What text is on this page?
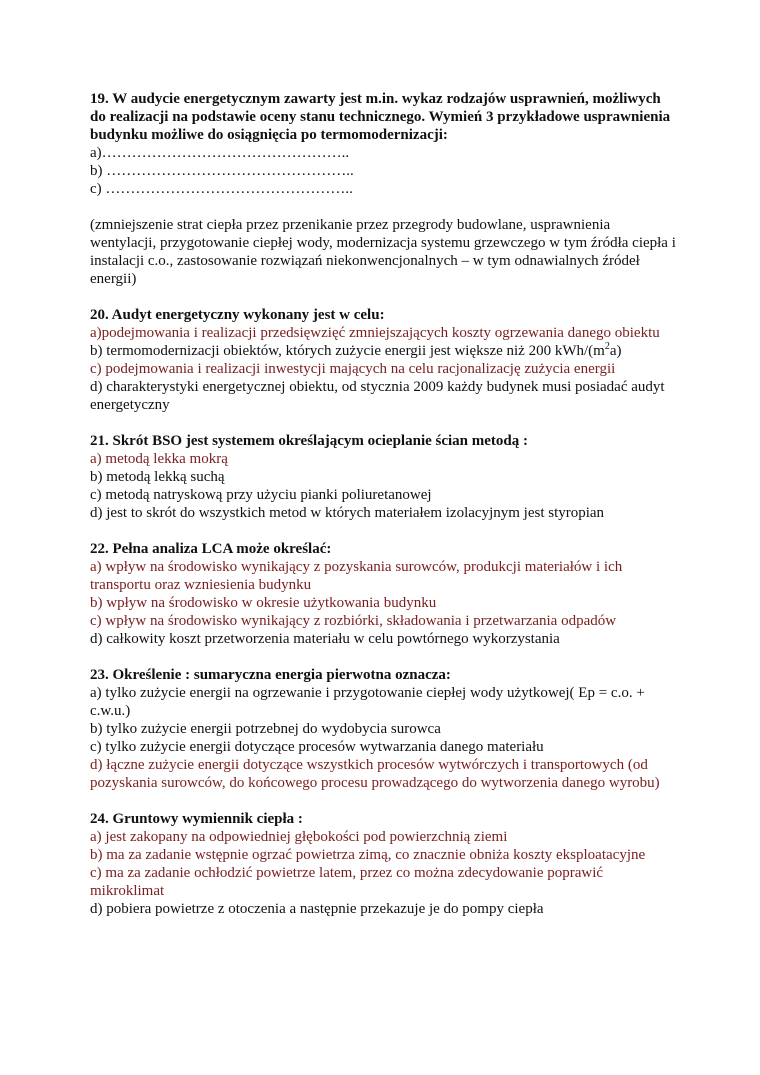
19. W audycie energetycznym zawarty jest m.in. wykaz rodzajów usprawnień, możliwych do realizacji na podstawie oceny stanu technicznego. Wymień 3 przykładowe usprawnienia budynku możliwe do osiągnięcia po termomodernizacji:
a)…………………………………………..
b) …………………………………………..
c) …………………………………………..
(zmniejszenie strat ciepła przez przenikanie przez przegrody budowlane, usprawnienia wentylacji, przygotowanie ciepłej wody, modernizacja systemu grzewczego w tym źródła ciepła i instalacji c.o., zastosowanie rozwiązań niekonwencjonalnych – w tym odnawialnych źródeł energii)
20. Audyt energetyczny wykonany jest w celu:
a)podejmowania i realizacji przedsięwzięć zmniejszających koszty ogrzewania danego obiektu
b) termomodernizacji obiektów, których zużycie energii jest większe niż 200 kWh/$(m^2a)$
c) podejmowania i realizacji inwestycji mających na celu racjonalizację zużycia energii
d) charakterystyki energetycznej obiektu, od stycznia 2009 każdy budynek musi posiadać audyt energetyczny
21. Skrót BSO jest systemem określającym ocieplanie ścian metodą :
a) metodą lekka mokrą
b) metodą lekką suchą
c) metodą natryskową przy użyciu pianki poliuretanowej
d) jest to skrót do wszystkich metod w których materiałem izolacyjnym jest styropian
22. Pełna analiza LCA może określać:
a) wpływ na środowisko wynikający z pozyskania surowców, produkcji materiałów i ich transportu oraz wzniesienia budynku
b) wpływ na środowisko w okresie użytkowania budynku
c) wpływ na środowisko wynikający z rozbiórki, składowania i przetwarzania odpadów
d) całkowity koszt przetworzenia materiału w celu powtórnego wykorzystania
23. Określenie : sumaryczna energia pierwotna oznacza:
a) tylko zużycie energii na ogrzewanie i przygotowanie ciepłej wody użytkowej( Ep = c.o. + c.w.u.)
b) tylko zużycie energii potrzebnej do wydobycia surowca
c) tylko zużycie energii dotyczące procesów wytwarzania danego materiału
d) łączne zużycie energii dotyczące wszystkich procesów wytwórczych i transportowych (od pozyskania surowców, do końcowego procesu prowadzącego do wytworzenia danego wyrobu)
24. Gruntowy wymiennik ciepła :
a) jest zakopany na odpowiedniej głębokości pod powierzchnią ziemi
b) ma za zadanie wstępnie ogrzać powietrza zimą, co znacznie obniża koszty eksploatacyjne
c) ma za zadanie ochłodzić powietrze latem, przez co można zdecydowanie poprawić mikroklimat
d) pobiera powietrze z otoczenia a następnie przekazuje je do pompy ciepła
